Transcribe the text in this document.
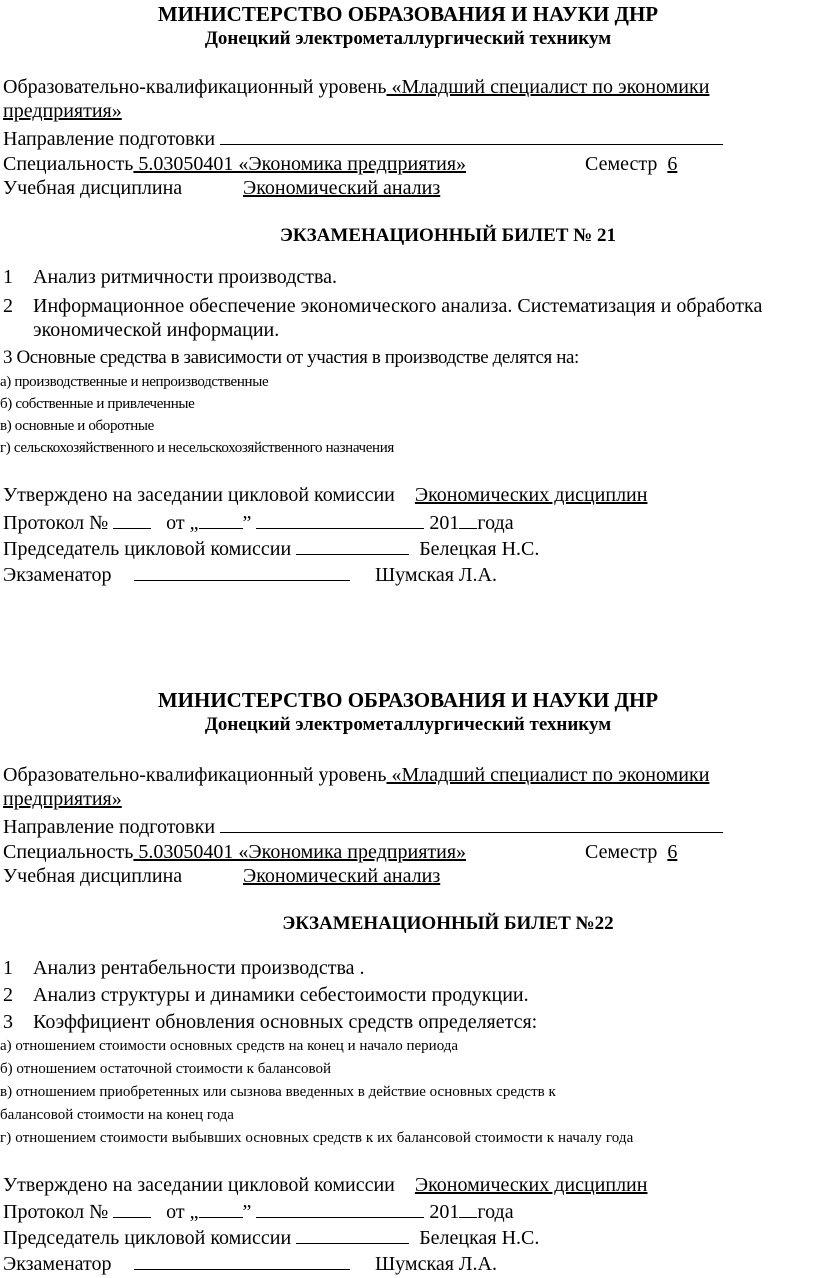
МИНИСТЕРСТВО ОБРАЗОВАНИЯ И НАУКИ ДНР
Донецкий электрометаллургический техникум
Образовательно-квалификационный уровень «Младший специалист по экономики
предприятия»
Направление подготовки
Специальность 5.03050401 «Экономика предприятия»	Семестр 6
Учебная дисциплина	Экономический анализ
ЭКЗАМЕНАЦИОННЫЙ БИЛЕТ № 21
1 Анализ ритмичности производства.
2 Информационное обеспечение экономического анализа. Систематизация и обработка экономической информации.
3 Основные средства в зависимости от участия в производстве делятся на:
а) производственные и непроизводственные
б) собственные и привлеченные
в) основные и оборотные
г) сельскохозяйственного и несельскохозяйственного назначения
Утверждено на заседании цикловой комиссии Экономических дисциплин
Протокол №	от „ ”	201 года
Председатель цикловой комиссии	Белецкая Н.С.
Экзаменатор	Шумская Л.А.
МИНИСТЕРСТВО ОБРАЗОВАНИЯ И НАУКИ ДНР
Донецкий электрометаллургический техникум
Образовательно-квалификационный уровень «Младший специалист по экономики
предприятия»
Направление подготовки
Специальность 5.03050401 «Экономика предприятия»	Семестр 6
Учебная дисциплина	Экономический анализ
ЭКЗАМЕНАЦИОННЫЙ БИЛЕТ №22
1 Анализ рентабельности производства .
2 Анализ структуры и динамики себестоимости продукции.
3 Коэффициент обновления основных средств определяется:
а) отношением стоимости основных средств на конец и начало периода
б) отношением остаточной стоимости к балансовой
в) отношением приобретенных или сызнова введенных в действие основных средств к
балансовой стоимости на конец года
г) отношением стоимости выбывших основных средств к их балансовой стоимости к началу года
Утверждено на заседании цикловой комиссии Экономических дисциплин
Протокол №	от „ ”	201 года
Председатель цикловой комиссии	Белецкая Н.С.
Экзаменатор	Шумская Л.А.
